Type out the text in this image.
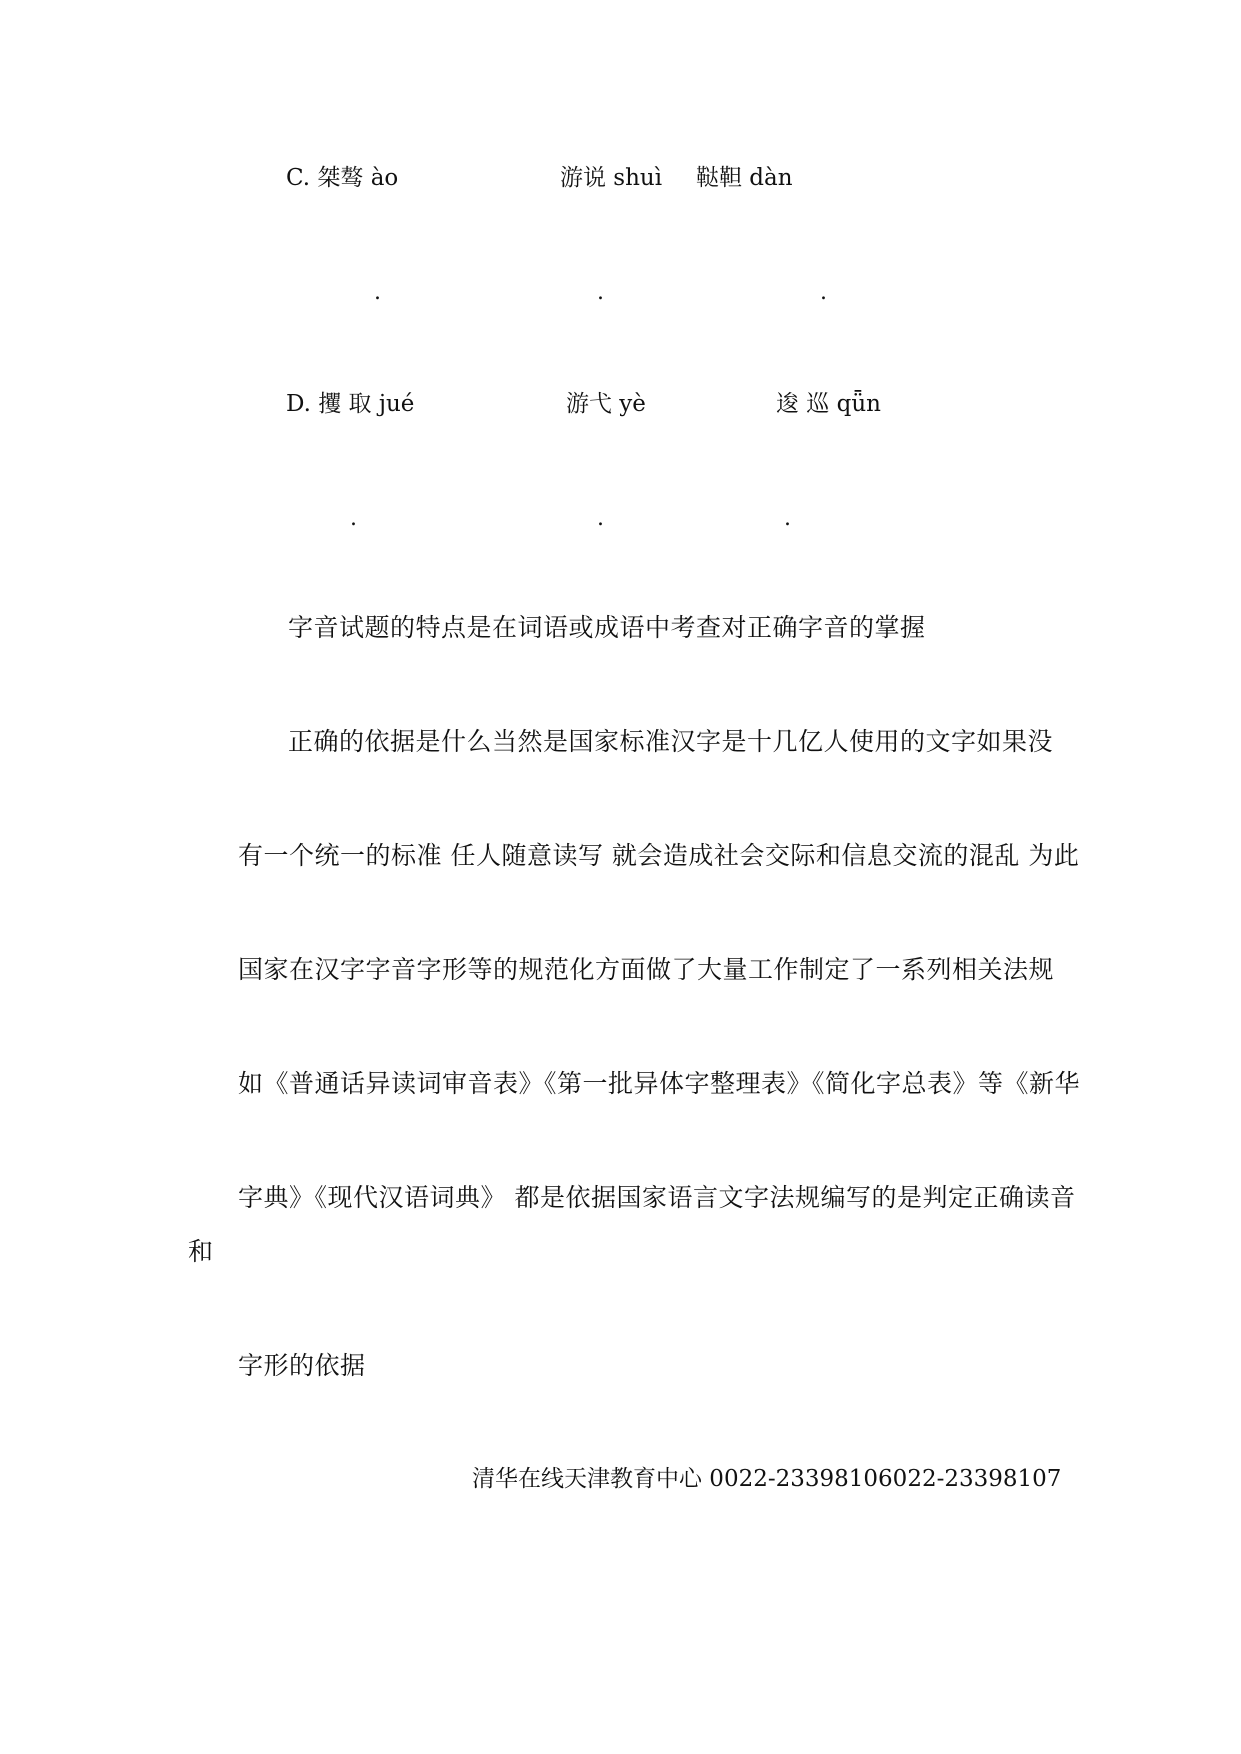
C. 桀骜 ào	游说 shuì 鞑靼 dàn
.	.	.
D. 攫 取 jué	游弋 yè	逡 巡 qǖn
.	.	.
字音试题的特点是在词语或成语中考查对正确字音的掌握
正确的依据是什么当然是国家标准汉字是十几亿人使用的文字如果没
有一个统一的标准 任人随意读写 就会造成社会交际和信息交流的混乱 为此
国家在汉字字音字形等的规范化方面做了大量工作制定了一系列相关法规
如《普通话异读词审音表》《第一批异体字整理表》《简化字总表》等《新华
字典》《现代汉语词典》 都是依据国家语言文字法规编写的是判定正确读音
和
字形的依据
清华在线天津教育中心 0022-23398106022-23398107
